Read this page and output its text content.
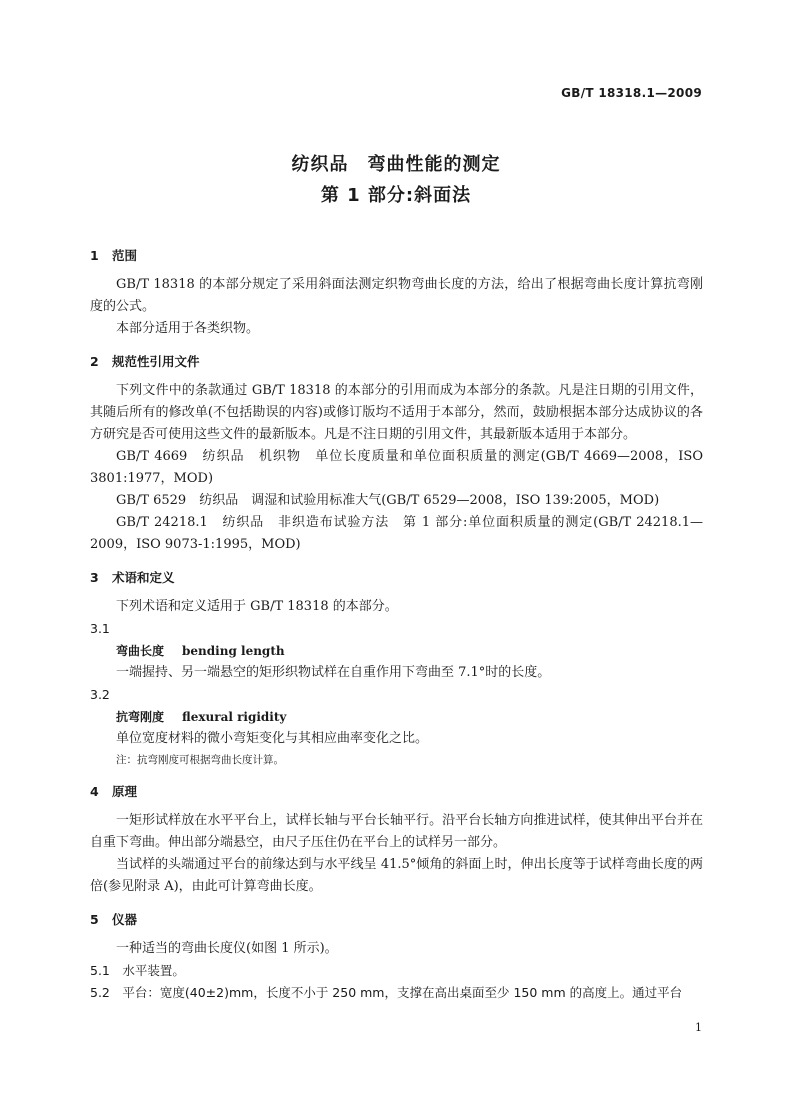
GB/T 18318.1—2009
纺织品　弯曲性能的测定
第 1 部分:斜面法

1 范围

GB/T 18318 的本部分规定了采用斜面法测定织物弯曲长度的方法，给出了根据弯曲长度计算抗弯刚度的公式。

本部分适用于各类织物。

2 规范性引用文件

下列文件中的条款通过 GB/T 18318 的本部分的引用而成为本部分的条款。凡是注日期的引用文件，其随后所有的修改单(不包括勘误的内容)或修订版均不适用于本部分，然而，鼓励根据本部分达成协议的各方研究是否可使用这些文件的最新版本。凡是不注日期的引用文件，其最新版本适用于本部分。

GB/T 4669　纺织品　机织物　单位长度质量和单位面积质量的测定(GB/T 4669—2008，ISO 3801:1977，MOD)

GB/T 6529　纺织品　调湿和试验用标准大气(GB/T 6529—2008，ISO 139:2005，MOD)

GB/T 24218.1　纺织品　非织造布试验方法　第 1 部分:单位面积质量的测定(GB/T 24218.1—2009，ISO 9073-1:1995，MOD)

3 术语和定义

下列术语和定义适用于 GB/T 18318 的本部分。

3.1

弯曲长度 bending length

一端握持、另一端悬空的矩形织物试样在自重作用下弯曲至 7.1°时的长度。

3.2

抗弯刚度 flexural rigidity

单位宽度材料的微小弯矩变化与其相应曲率变化之比。

注：抗弯刚度可根据弯曲长度计算。

4 原理

一矩形试样放在水平平台上，试样长轴与平台长轴平行。沿平台长轴方向推进试样，使其伸出平台并在自重下弯曲。伸出部分端悬空，由尺子压住仍在平台上的试样另一部分。

当试样的头端通过平台的前缘达到与水平线呈 41.5°倾角的斜面上时，伸出长度等于试样弯曲长度的两倍(参见附录 A)，由此可计算弯曲长度。

5 仪器

一种适当的弯曲长度仪(如图 1 所示)。

5.1　水平装置。

5.2　平台：宽度(40±2)mm，长度不小于 250 mm，支撑在高出桌面至少 150 mm 的高度上。通过平台

1
